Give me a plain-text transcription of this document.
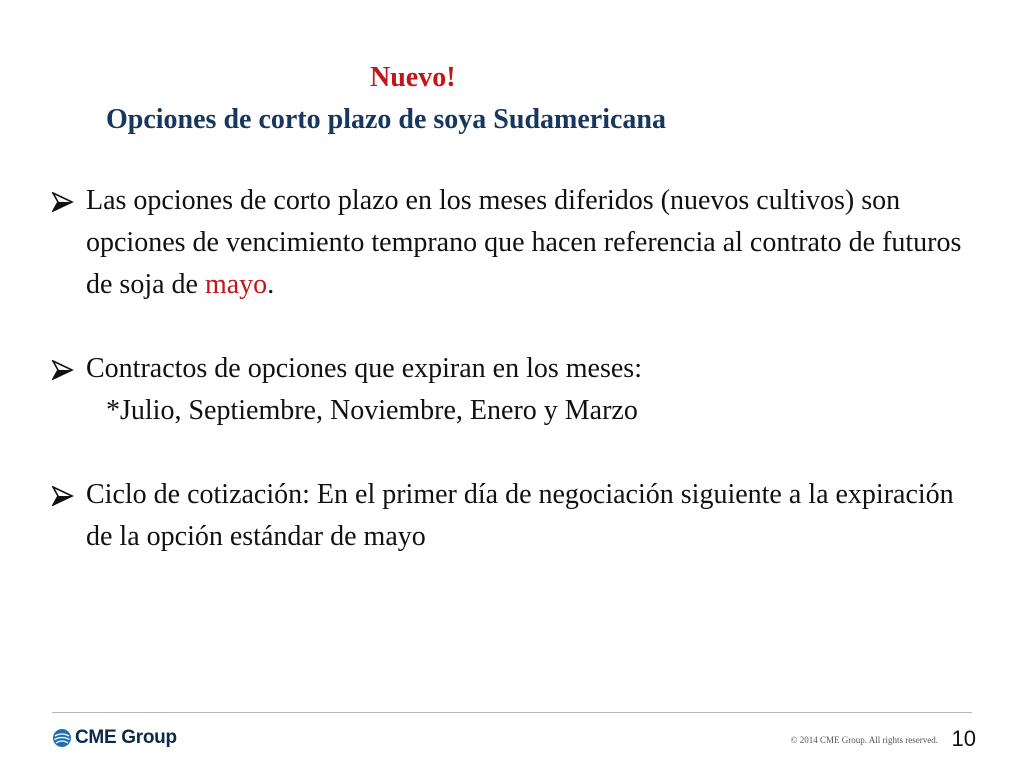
Nuevo!
Opciones de corto plazo de soya Sudamericana
Las opciones de corto plazo en los meses diferidos (nuevos cultivos) son opciones de vencimiento temprano que hacen referencia al contrato de futuros de soja de mayo.
Contractos de opciones que expiran en los meses:
*Julio, Septiembre, Noviembre, Enero y Marzo
Ciclo de cotización: En el primer día de negociación siguiente a la expiración de la opción estándar de mayo
CME Group	© 2014 CME Group. All rights reserved. 10
